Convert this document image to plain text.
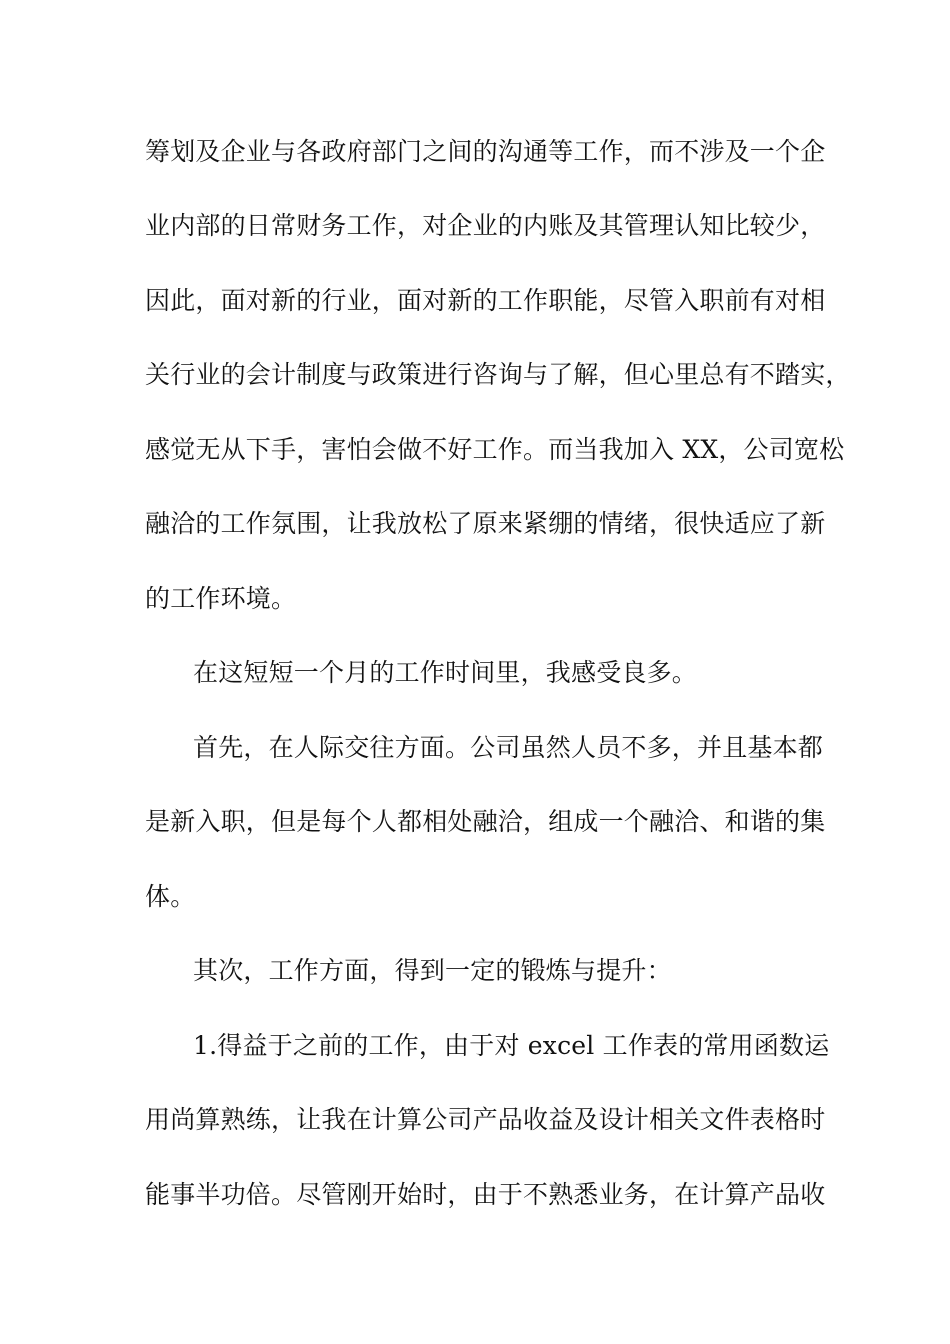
筹划及企业与各政府部门之间的沟通等工作，而不涉及一个企
业内部的日常财务工作，对企业的内账及其管理认知比较少，
因此，面对新的行业，面对新的工作职能，尽管入职前有对相
关行业的会计制度与政策进行咨询与了解，但心里总有不踏实，
感觉无从下手，害怕会做不好工作。而当我加入 XX，公司宽松
融洽的工作氛围，让我放松了原来紧绷的情绪，很快适应了新
的工作环境。
在这短短一个月的工作时间里，我感受良多。
首先，在人际交往方面。公司虽然人员不多，并且基本都
是新入职，但是每个人都相处融洽，组成一个融洽、和谐的集
体。
其次，工作方面，得到一定的锻炼与提升：
1.得益于之前的工作，由于对 excel 工作表的常用函数运
用尚算熟练，让我在计算公司产品收益及设计相关文件表格时
能事半功倍。尽管刚开始时，由于不熟悉业务，在计算产品收
